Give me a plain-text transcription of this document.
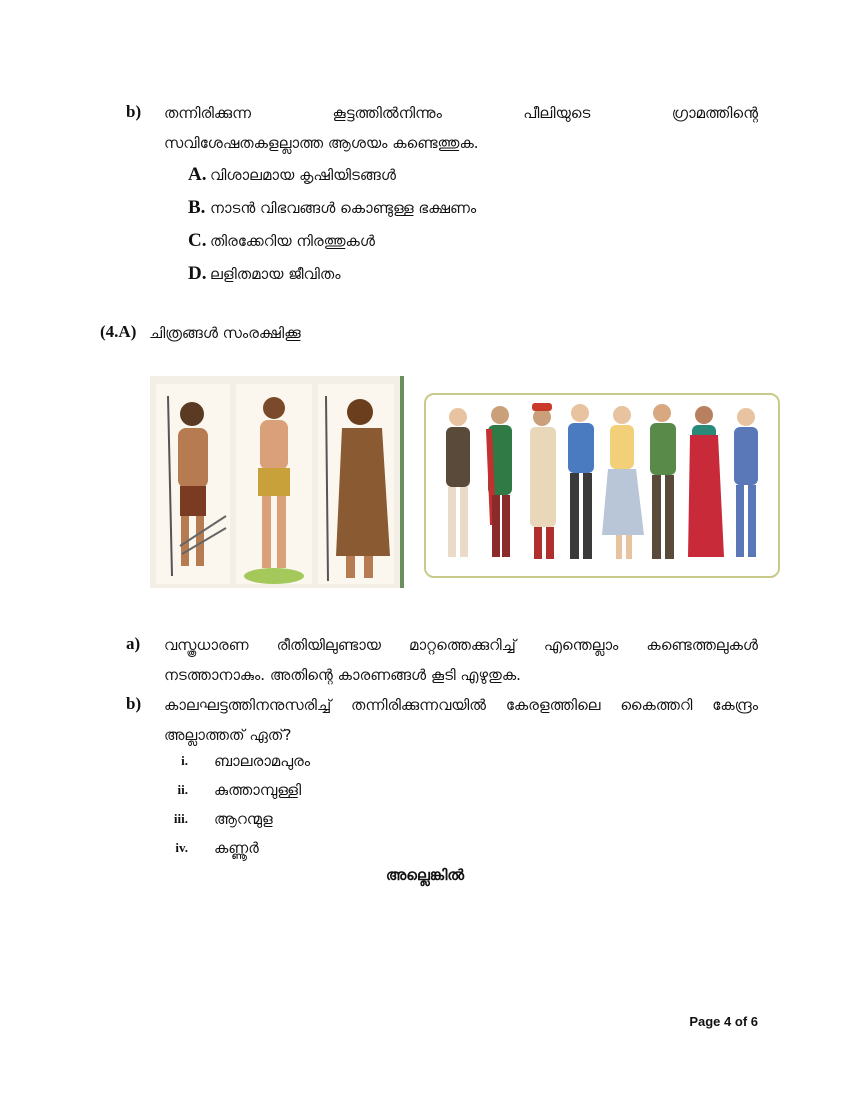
b) തന്നിരിക്കുന്ന കൂട്ടത്തിൽനിന്നും പീലിയുടെ ഗ്രാമത്തിന്റെ
സവിശേഷതകളല്ലാത്ത ആശയം കണ്ടെത്തുക.
A. വിശാലമായ കൃഷിയിടങ്ങൾ
B. നാടൻ വിഭവങ്ങൾ കൊണ്ടുള്ള ഭക്ഷണം
C. തിരക്കേറിയ നിരത്തുകൾ
D. ലളിതമായ ജീവിതം
(4.A) ചിത്രങ്ങൾ സംരക്ഷിക്കൂ
a) വസ്ത്രധാരണ രീതിയിലുണ്ടായ മാറ്റത്തെക്കുറിച്ച് എന്തെല്ലാം കണ്ടെത്തലുകൾ
നടത്താനാകും. അതിന്റെ കാരണങ്ങൾ കൂടി എഴുതുക.
b) കാലഘട്ടത്തിനനുസരിച്ച് തന്നിരിക്കുന്നവയിൽ കേരളത്തിലെ കൈത്തറി കേന്ദ്രം
അല്ലാത്തത് ഏത്?
i. ബാലരാമപുരം
ii. കുത്താമ്പുള്ളി
iii. ആറന്മുള
iv. കണ്ണൂർ
അല്ലെങ്കിൽ
Page 4 of 6
